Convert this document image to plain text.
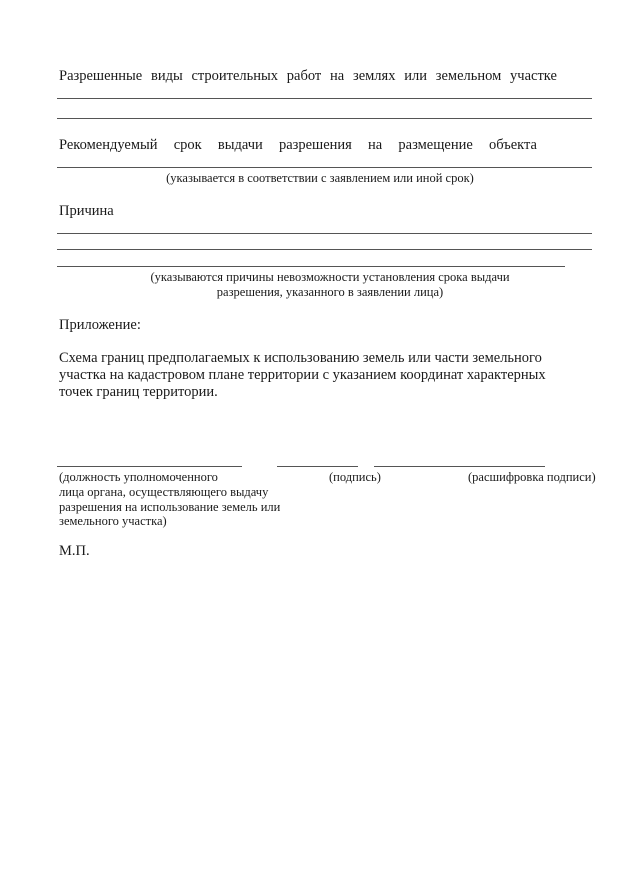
Разрешенные виды строительных работ на землях или земельном участке
Рекомендуемый срок выдачи разрешения на размещение объекта
(указывается в соответствии с заявлением или иной срок)
Причина
(указываются причины невозможности установления срока выдачи
разрешения, указанного в заявлении лица)
Приложение:
Схема границ предполагаемых к использованию земель или части земельного
участка на кадастровом плане территории с указанием координат характерных
точек границ территории.
(должность уполномоченного
лица органа, осуществляющего выдачу
разрешения на использование земель или
земельного участка)
(подпись)	(расшифровка подписи)
М.П.
